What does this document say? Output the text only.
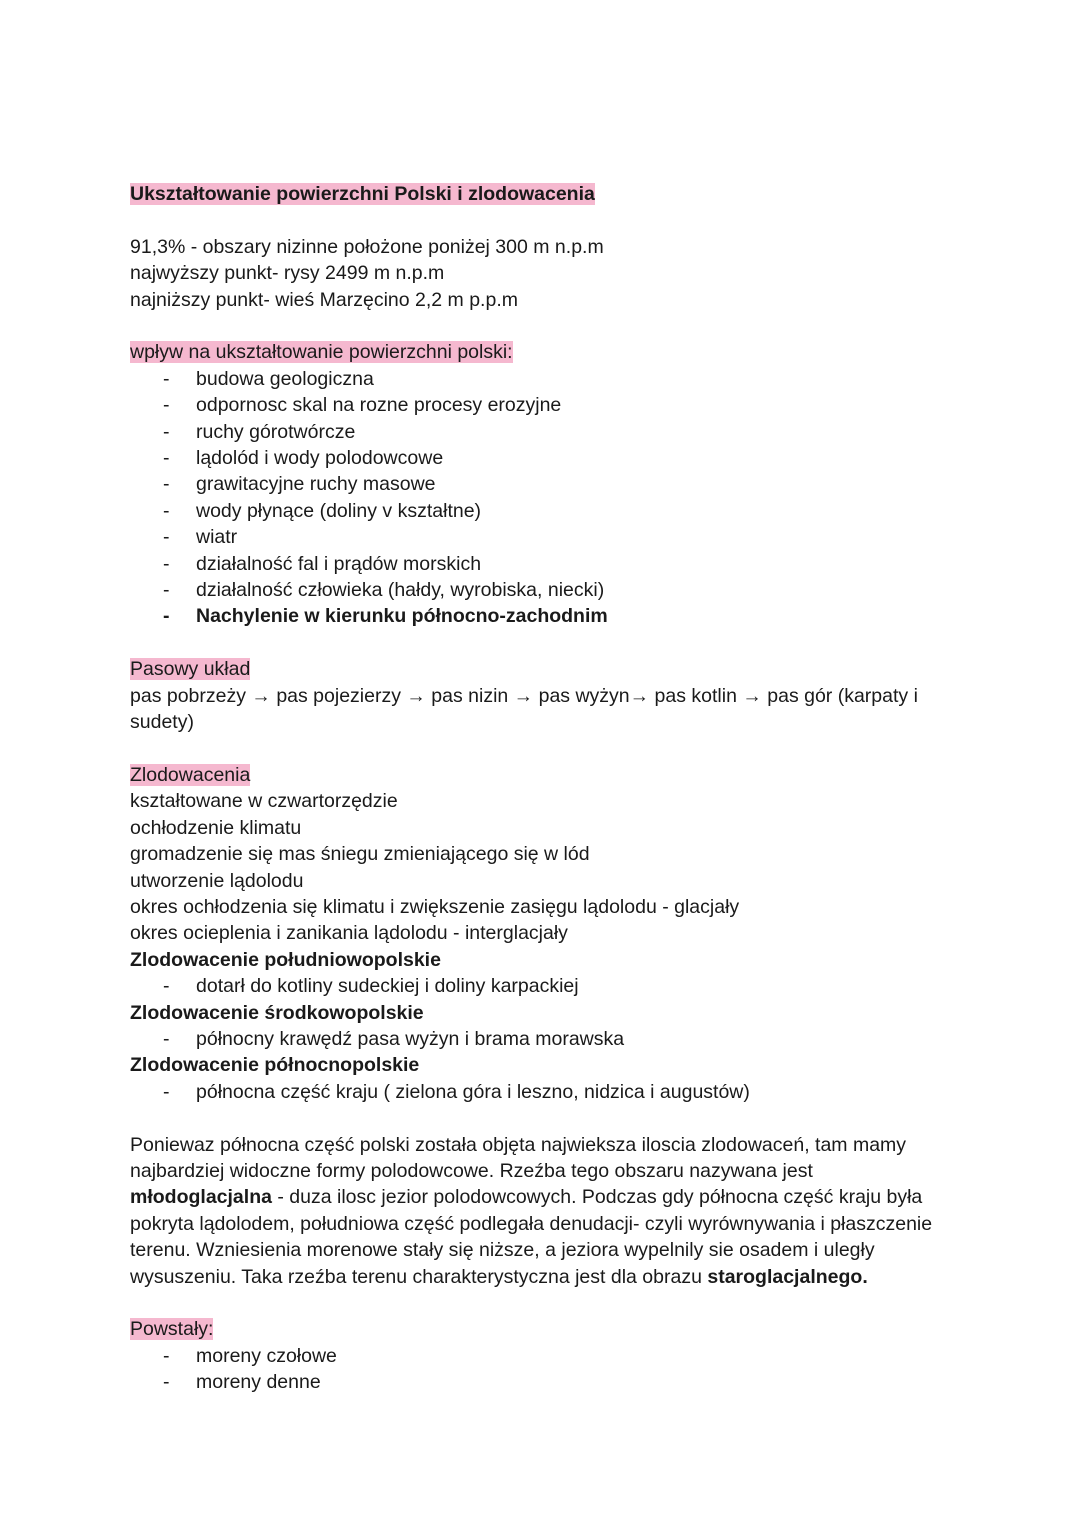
Ukształtowanie powierzchni Polski i zlodowacenia
91,3% - obszary nizinne położone poniżej 300 m n.p.m
najwyższy punkt- rysy 2499 m n.p.m
najniższy punkt- wieś Marzęcino 2,2 m p.p.m
wpływ na ukształtowanie powierzchni polski:
- budowa geologiczna
- odpornosc skal na rozne procesy erozyjne
- ruchy górotwórcze
- lądolód i wody polodowcowe
- grawitacyjne ruchy masowe
- wody płynące (doliny v kształtne)
- wiatr
- działalność fal i prądów morskich
- działalność człowieka (hałdy, wyrobiska, niecki)
- Nachylenie w kierunku północno-zachodnim
Pasowy układ
pas pobrzeży → pas pojezierzy → pas nizin → pas wyżyn→ pas kotlin → pas gór (karpaty i sudety)
Zlodowacenia
kształtowane w czwartorzędzie
ochłodzenie klimatu
gromadzenie się mas śniegu zmieniającego się w lód
utworzenie lądolodu
okres ochłodzenia się klimatu i zwiększenie zasięgu lądolodu - glacjały
okres ocieplenia i zanikania lądolodu - interglacjały
Zlodowacenie południowopolskie
- dotarł do kotliny sudeckiej i doliny karpackiej
Zlodowacenie środkowopolskie
- północny krawędź pasa wyżyn i brama morawska
Zlodowacenie północnopolskie
- północna część kraju ( zielona góra i leszno, nidzica i augustów)

Poniewaz północna część polski została objęta najwieksza iloscia zlodowaceń, tam mamy najbardziej widoczne formy polodowcowe. Rzeźba tego obszaru nazywana jest młodoglacjalna - duza ilosc jezior polodowcowych. Podczas gdy północna część kraju była pokryta lądolodem, południowa część podlegała denudacji- czyli wyrównywania i płaszczenie terenu. Wzniesienia morenowe stały się niższe, a jeziora wypelnily sie osadem i uległy wysuszeniu. Taka rzeźba terenu charakterystyczna jest dla obrazu staroglacjalnego.

Powstały:
- moreny czołowe
- moreny denne
